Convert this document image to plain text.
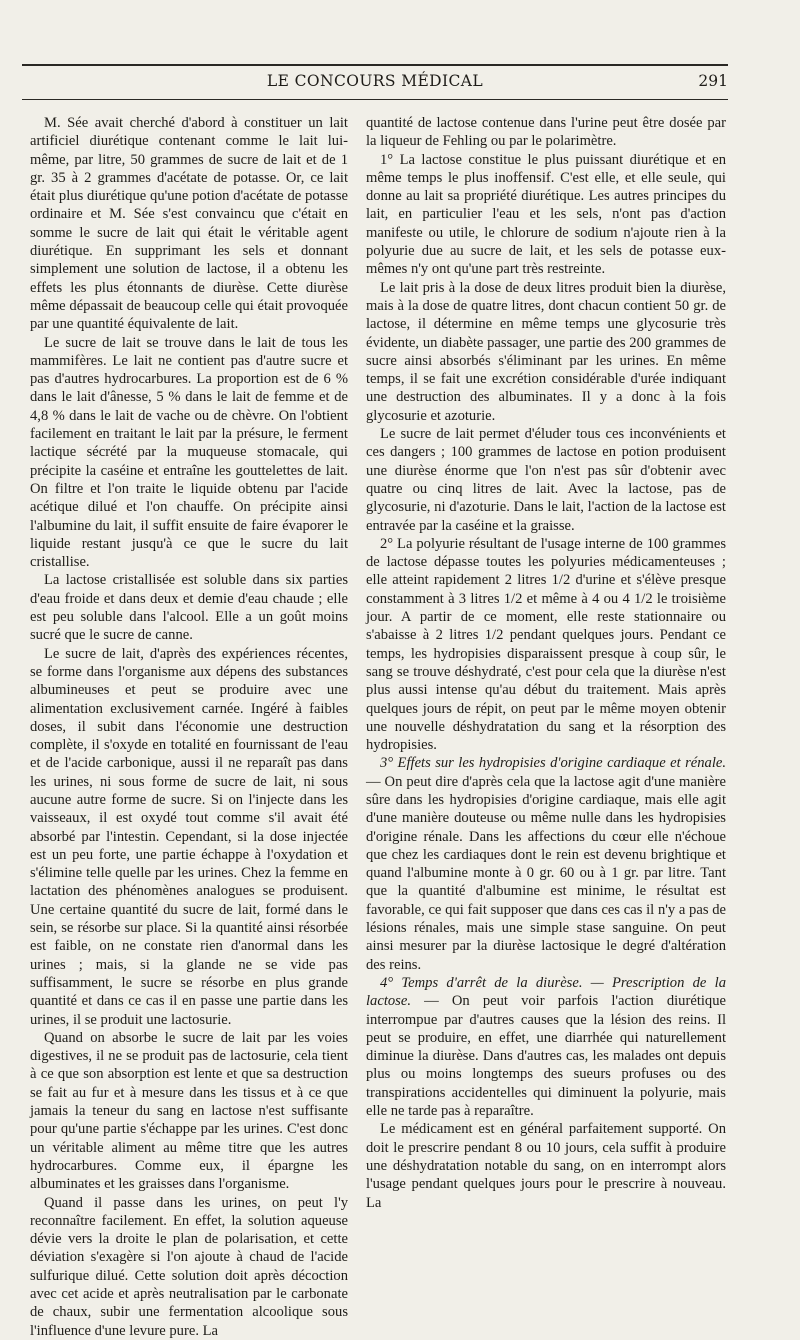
LE CONCOURS MÉDICAL	291

M. Sée avait cherché d'abord à constituer un lait artificiel diurétique contenant comme le lait lui-même, par litre, 50 grammes de sucre de lait et de 1 gr. 35 à 2 grammes d'acétate de potasse. Or, ce lait était plus diurétique qu'une potion d'acétate de potasse ordinaire et M. Sée s'est convaincu que c'était en somme le sucre de lait qui était le véritable agent diurétique. En supprimant les sels et donnant simplement une solution de lactose, il a obtenu les effets les plus étonnants de diurèse. Cette diurèse même dépassait de beaucoup celle qui était provoquée par une quantité équivalente de lait.

Le sucre de lait se trouve dans le lait de tous les mammifères. Le lait ne contient pas d'autre sucre et pas d'autres hydrocarbures. La proportion est de 6 % dans le lait d'ânesse, 5 % dans le lait de femme et de 4,8 % dans le lait de vache ou de chèvre. On l'obtient facilement en traitant le lait par la présure, le ferment lactique sécrété par la muqueuse stomacale, qui précipite la caséine et entraîne les gouttelettes de lait. On filtre et l'on traite le liquide obtenu par l'acide acétique dilué et l'on chauffe. On précipite ainsi l'albumine du lait, il suffit ensuite de faire évaporer le liquide restant jusqu'à ce que le sucre du lait cristallise.

La lactose cristallisée est soluble dans six parties d'eau froide et dans deux et demie d'eau chaude ; elle est peu soluble dans l'alcool. Elle a un goût moins sucré que le sucre de canne.

Le sucre de lait, d'après des expériences récentes, se forme dans l'organisme aux dépens des substances albumineuses et peut se produire avec une alimentation exclusivement carnée. Ingéré à faibles doses, il subit dans l'économie une destruction complète, il s'oxyde en totalité en fournissant de l'eau et de l'acide carbonique, aussi il ne reparaît pas dans les urines, ni sous forme de sucre de lait, ni sous aucune autre forme de sucre. Si on l'injecte dans les vaisseaux, il est oxydé tout comme s'il avait été absorbé par l'intestin. Cependant, si la dose injectée est un peu forte, une partie échappe à l'oxydation et s'élimine telle quelle par les urines. Chez la femme en lactation des phénomènes analogues se produisent. Une certaine quantité du sucre de lait, formé dans le sein, se résorbe sur place. Si la quantité ainsi résorbée est faible, on ne constate rien d'anormal dans les urines ; mais, si la glande ne se vide pas suffisamment, le sucre se résorbe en plus grande quantité et dans ce cas il en passe une partie dans les urines, il se produit une lactosurie.

Quand on absorbe le sucre de lait par les voies digestives, il ne se produit pas de lactosurie, cela tient à ce que son absorption est lente et que sa destruction se fait au fur et à mesure dans les tissus et à ce que jamais la teneur du sang en lactose n'est suffisante pour qu'une partie s'échappe par les urines. C'est donc un véritable aliment au même titre que les autres hydrocarbures. Comme eux, il épargne les albuminates et les graisses dans l'organisme.

Quand il passe dans les urines, on peut l'y reconnaître facilement. En effet, la solution aqueuse dévie vers la droite le plan de polarisation, et cette déviation s'exagère si l'on ajoute à chaud de l'acide sulfurique dilué. Cette solution doit après décoction avec cet acide et après neutralisation par le carbonate de chaux, subir une fermentation alcoolique sous l'influence d'une levure pure. La

quantité de lactose contenue dans l'urine peut être dosée par la liqueur de Fehling ou par le polarimètre.

1° La lactose constitue le plus puissant diurétique et en même temps le plus inoffensif. C'est elle, et elle seule, qui donne au lait sa propriété diurétique. Les autres principes du lait, en particulier l'eau et les sels, n'ont pas d'action manifeste ou utile, le chlorure de sodium n'ajoute rien à la polyurie due au sucre de lait, et les sels de potasse eux-mêmes n'y ont qu'une part très restreinte.

Le lait pris à la dose de deux litres produit bien la diurèse, mais à la dose de quatre litres, dont chacun contient 50 gr. de lactose, il détermine en même temps une glycosurie très évidente, un diabète passager, une partie des 200 grammes de sucre ainsi absorbés s'éliminant par les urines. En même temps, il se fait une excrétion considérable d'urée indiquant une destruction des albuminates. Il y a donc à la fois glycosurie et azoturie.

Le sucre de lait permet d'éluder tous ces inconvénients et ces dangers ; 100 grammes de lactose en potion produisent une diurèse énorme que l'on n'est pas sûr d'obtenir avec quatre ou cinq litres de lait. Avec la lactose, pas de glycosurie, ni d'azoturie. Dans le lait, l'action de la lactose est entravée par la caséine et la graisse.

2° La polyurie résultant de l'usage interne de 100 grammes de lactose dépasse toutes les polyuries médicamenteuses ; elle atteint rapidement 2 litres 1/2 d'urine et s'élève presque constamment à 3 litres 1/2 et même à 4 ou 4 1/2 le troisième jour. A partir de ce moment, elle reste stationnaire ou s'abaisse à 2 litres 1/2 pendant quelques jours. Pendant ce temps, les hydropisies disparaissent presque à coup sûr, le sang se trouve déshydraté, c'est pour cela que la diurèse n'est plus aussi intense qu'au début du traitement. Mais après quelques jours de répit, on peut par le même moyen obtenir une nouvelle déshydratation du sang et la résorption des hydropisies.

3° Effets sur les hydropisies d'origine cardiaque et rénale. — On peut dire d'après cela que la lactose agit d'une manière sûre dans les hydropisies d'origine cardiaque, mais elle agit d'une manière douteuse ou même nulle dans les hydropisies d'origine rénale. Dans les affections du cœur elle n'échoue que chez les cardiaques dont le rein est devenu brightique et quand l'albumine monte à 0 gr. 60 ou à 1 gr. par litre. Tant que la quantité d'albumine est minime, le résultat est favorable, ce qui fait supposer que dans ces cas il n'y a pas de lésions rénales, mais une simple stase sanguine. On peut ainsi mesurer par la diurèse lactosique le degré d'altération des reins.

4° Temps d'arrêt de la diurèse. — Prescription de la lactose. — On peut voir parfois l'action diurétique interrompue par d'autres causes que la lésion des reins. Il peut se produire, en effet, une diarrhée qui naturellement diminue la diurèse. Dans d'autres cas, les malades ont depuis plus ou moins longtemps des sueurs profuses ou des transpirations accidentelles qui diminuent la polyurie, mais elle ne tarde pas à reparaître.

Le médicament est en général parfaitement supporté. On doit le prescrire pendant 8 ou 10 jours, cela suffit à produire une déshydratation notable du sang, on en interrompt alors l'usage pendant quelques jours pour le prescrire à nouveau. La
